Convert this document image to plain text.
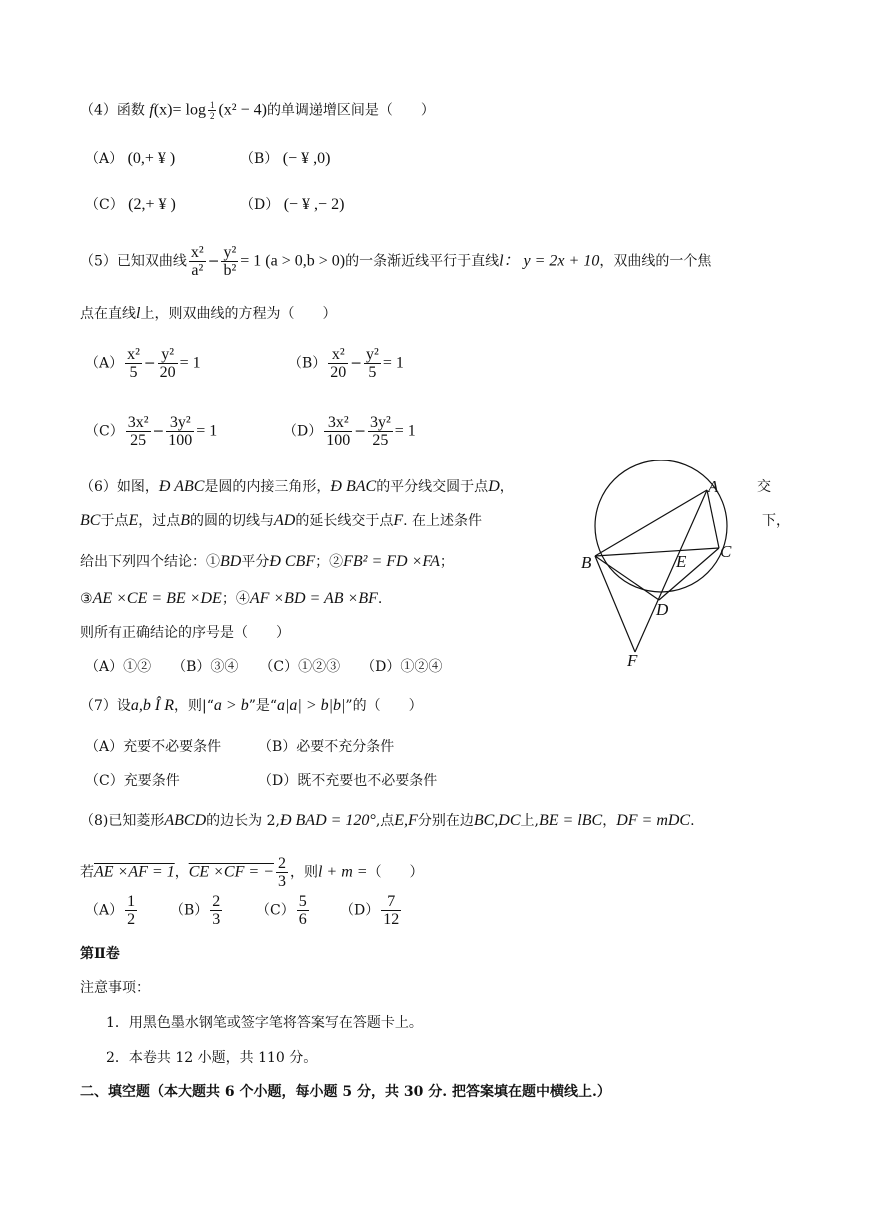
（4）函数 $f(x)= \log \frac{1}{2} (x^2 - 4)$的单调递增区间是（　　）
（A） (0,+ ¥ )	（B） (− ¥ ,0)
（C） (2,+ ¥ )	（D） (− ¥ ,− 2)
（5）已知双曲线 $\frac{\text{x²}}{\text{a²}} - \frac{\text{y²}}{\text{b²}} = 1$ (a > 0,b > 0)的一条渐近线平行于直线l： y = 2x + 10，双曲线的一个焦
点在直线l上，则双曲线的方程为（　　）
$(A) \frac{\text{x²}}{5} - \frac{\text{y²}}{20} = 1$	$(B) \frac{\text{x²}}{20} - \frac{\text{y²}}{5} = 1$
$(C) \frac{\text{3x²}}{25} - \frac{\text{3y²}}{100} = 1$	$(D) \frac{\text{3x²}}{100} - \frac{\text{3y²}}{25} = 1$
（6）如图，Ð ABC是圆的内接三角形，Ð BAC的平分线交圆于点D，	交
BC于点E，过点B的圆的切线与AD的延长线交于点F. 在上述条件	下，
给出下列四个结论：①BD平分Ð CBF；②FB² = FD ×FA；
③AE ×CE = BE ×DE；④AF ×BD = AB ×BF.
则所有正确结论的序号是（　　）
（A）①②　　（B）③④　　（C）①②③　　（D）①②④
A
B
C
D
E
F
（7）设a,b Î R，则|“a > b”是“a|a| > b|b|”的（　　）
（A）充要不必要条件	（B）必要不充分条件
（C）充要条件	（D）既不充要也不必要条件
（8)已知菱形ABCD的边长为 2,Ð BAD = 120°,点E,F分别在边BC,DC上,BE = lBC，DF = mDC.
若AE ×AF = 1，CE ×CF = − $\frac{2}{3}$ ，则l + m =（　　）
$(A) \frac{1}{2} (B) \frac{2}{3} (C) \frac{5}{6} (D) \frac{7}{12}$
第Ⅱ卷
注意事项：
1．用黑色墨水钢笔或签字笔将答案写在答题卡上。
2．本卷共 12 小题，共 110 分。
二、填空题（本大题共 6 个小题，每小题 5 分，共 30 分. 把答案填在题中横线上.）
